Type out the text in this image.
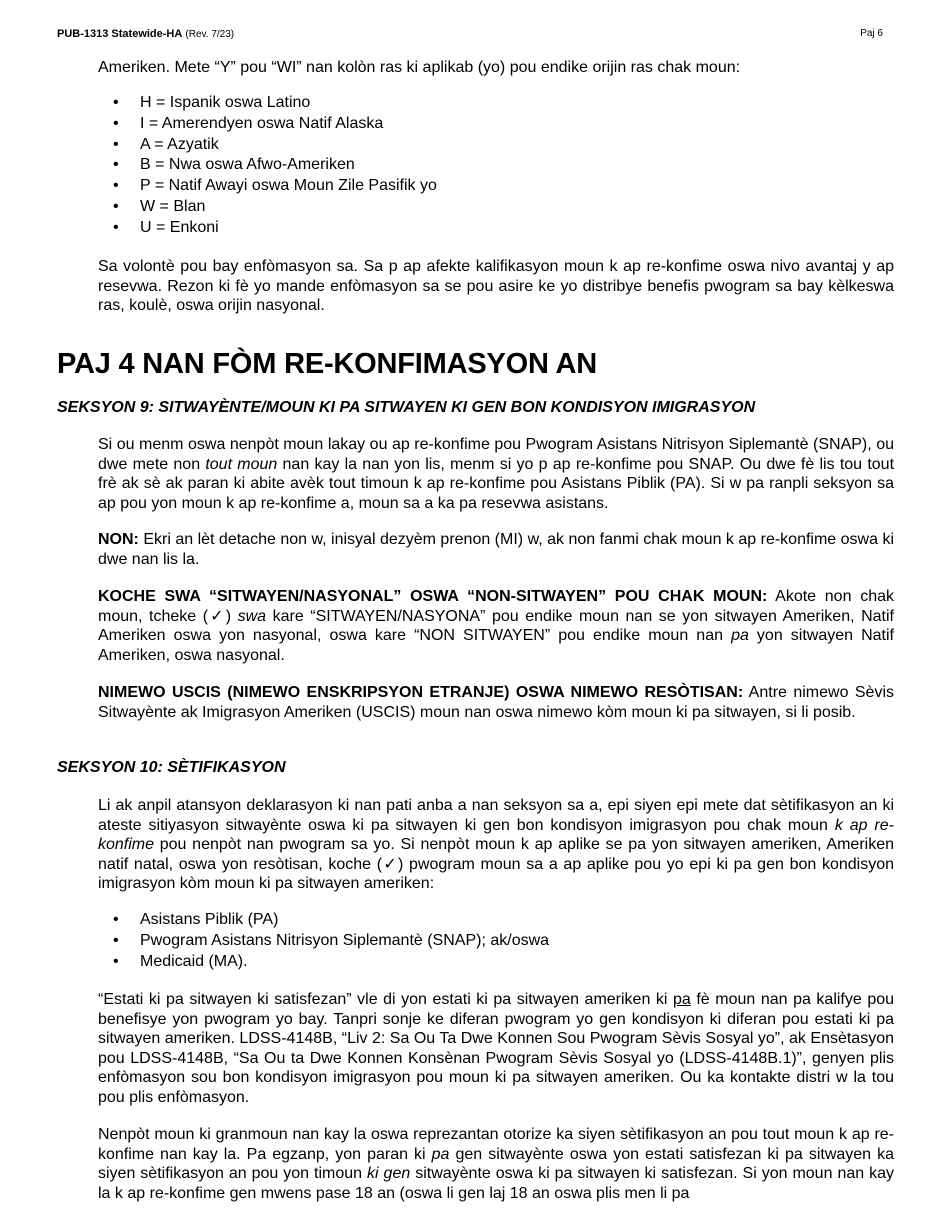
PUB-1313 Statewide-HA (Rev. 7/23)	Paj 6

Ameriken. Mete “Y” pou “WI” nan kolòn ras ki aplikab (yo) pou endike orijin ras chak moun:

• H = Ispanik oswa Latino
• I = Amerendyen oswa Natif Alaska
• A = Azyatik
• B = Nwa oswa Afwo-Ameriken
• P = Natif Awayi oswa Moun Zile Pasifik yo
• W = Blan
• U = Enkoni

Sa volontè pou bay enfòmasyon sa. Sa p ap afekte kalifikasyon moun k ap re-konfime oswa nivo avantaj y ap resevwa. Rezon ki fè yo mande enfòmasyon sa se pou asire ke yo distribye benefis pwogram sa bay kèlkeswa ras, koulè, oswa orijin nasyonal.

PAJ 4 NAN FÒM RE-KONFIMASYON AN
SEKSYON 9: SITWAYÈNTE/MOUN KI PA SITWAYEN KI GEN BON KONDISYON IMIGRASYON

Si ou menm oswa nenpòt moun lakay ou ap re-konfime pou Pwogram Asistans Nitrisyon Siplemantè (SNAP), ou dwe mete non tout moun nan kay la nan yon lis, menm si yo p ap re-konfime pou SNAP. Ou dwe fè lis tou tout frè ak sè ak paran ki abite avèk tout timoun k ap re-konfime pou Asistans Piblik (PA). Si w pa ranpli seksyon sa ap pou yon moun k ap re-konfime a, moun sa a ka pa resevwa asistans.

NON: Ekri an lèt detache non w, inisyal dezyèm prenon (MI) w, ak non fanmi chak moun k ap re-konfime oswa ki dwe nan lis la.

KOCHE SWA “SITWAYEN/NASYONAL” OSWA “NON-SITWAYEN” POU CHAK MOUN: Akote non chak moun, tcheke (✓) swa kare “SITWAYEN/NASYONA” pou endike moun nan se yon sitwayen Ameriken, Natif Ameriken oswa yon nasyonal, oswa kare “NON SITWAYEN” pou endike moun nan pa yon sitwayen Natif Ameriken, oswa nasyonal.

NIMEWO USCIS (NIMEWO ENSKRIPSYON ETRANJE) OSWA NIMEWO RESÒTISAN: Antre nimewo Sèvis Sitwayènte ak Imigrasyon Ameriken (USCIS) moun nan oswa nimewo kòm moun ki pa sitwayen, si li posib.

SEKSYON 10: SÈTIFIKASYON

Li ak anpil atansyon deklarasyon ki nan pati anba a nan seksyon sa a, epi siyen epi mete dat sètifikasyon an ki ateste sitiyasyon sitwayènte oswa ki pa sitwayen ki gen bon kondisyon imigrasyon pou chak moun k ap re-konfime pou nenpòt nan pwogram sa yo. Si nenpòt moun k ap aplike se pa yon sitwayen ameriken, Ameriken natif natal, oswa yon resòtisan, koche (✓) pwogram moun sa a ap aplike pou yo epi ki pa gen bon kondisyon imigrasyon kòm moun ki pa sitwayen ameriken:

• Asistans Piblik (PA)
• Pwogram Asistans Nitrisyon Siplemantè (SNAP); ak/oswa
• Medicaid (MA).

“Estati ki pa sitwayen ki satisfezan” vle di yon estati ki pa sitwayen ameriken ki pa fè moun nan pa kalifye pou benefisye yon pwogram yo bay. Tanpri sonje ke diferan pwogram yo gen kondisyon ki diferan pou estati ki pa sitwayen ameriken. LDSS-4148B, “Liv 2: Sa Ou Ta Dwe Konnen Sou Pwogram Sèvis Sosyal yo”, ak Ensètasyon pou LDSS-4148B, “Sa Ou ta Dwe Konnen Konsènan Pwogram Sèvis Sosyal yo (LDSS-4148B.1)”, genyen plis enfòmasyon sou bon kondisyon imigrasyon pou moun ki pa sitwayen ameriken. Ou ka kontakte distri w la tou pou plis enfòmasyon.

Nenpòt moun ki granmoun nan kay la oswa reprezantan otorize ka siyen sètifikasyon an pou tout moun k ap re-konfime nan kay la. Pa egzanp, yon paran ki pa gen sitwayènte oswa yon estati satisfezan ki pa sitwayen ka siyen sètifikasyon an pou yon timoun ki gen sitwayènte oswa ki pa sitwayen ki satisfezan. Si yon moun nan kay la k ap re-konfime gen mwens pase 18 an (oswa li gen laj 18 an oswa plis men li pa
